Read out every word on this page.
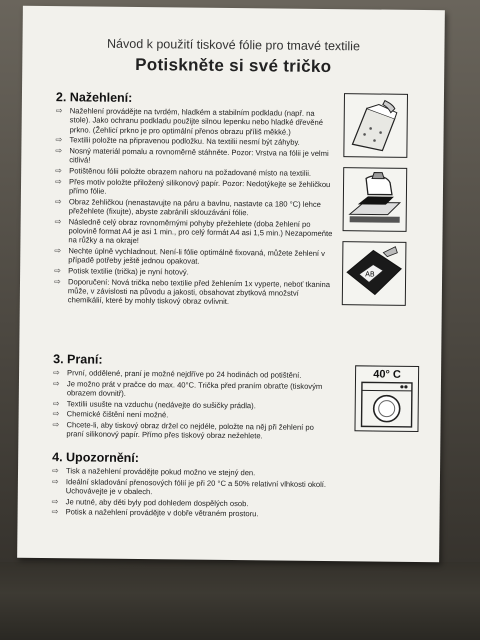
Návod k použití tiskové fólie pro tmavé textilie
Potiskněte si své tričko
2. Nažehlení:
⇨ Nažehlení provádějte na tvrdém, hladkém a stabilním podkladu (např. na stole). Jako ochranu podkladu použijte silnou lepenku nebo hladké dřevěné prkno. (Žehlicí prkno je pro optimální přenos obrazu příliš měkké.)
⇨ Textilii položte na připravenou podložku. Na textilii nesmí být záhyby.
⇨ Nosný materiál pomalu a rovnoměrně stáhněte. Pozor: Vrstva na fólii je velmi citlivá!
⇨ Potištěnou fólii položte obrazem nahoru na požadované místo na textilii.
⇨ Přes motiv položte přiložený silikonový papír. Pozor: Nedotýkejte se žehličkou přímo fólie.
⇨ Obraz žehličkou (nenastavujte na páru a bavlnu, nastavte ca 180 °C) lehce přežehlete (fixujte), abyste zabránili sklouzávání fólie.
⇨ Následně celý obraz rovnoměrnými pohyby přežehlete (doba žehlení po polovině format A4 je asi 1 min., pro celý formát A4 asi 1,5 min.) Nezapomeňte na růžky a na okraje!
⇨ Nechte úplně vychladnout. Není-li fólie optimálně fixovaná, můžete žehlení v případě potřeby ještě jednou opakovat.
⇨ Potisk textilie (trička) je nyní hotový.
⇨ Doporučení: Nová trička nebo textilie před žehlením 1x vyperte, neboť tkanina může, v závislosti na původu a jakosti, obsahovat zbytková množství chemikálií, které by mohly tiskový obraz ovlivnit.
3. Praní:
⇨ První, oddělené, praní je možné nejdříve po 24 hodinách od potištění.
⇨ Je možno prát v pračce do max. 40°C. Trička před praním obraťte (tiskovým obrazem dovnitř).
⇨ Textilii usušte na vzduchu (nedávejte do sušičky prádla).
⇨ Chemické čištění není možné.
⇨ Chcete-li, aby tiskový obraz držel co nejdéle, položte na něj při žehlení po praní silikonový papír. Přímo přes tiskový obraz nežehlete.
4. Upozornění:
⇨ Tisk a nažehlení provádějte pokud možno ve stejný den.
⇨ Ideální skladování přenosových fólií je při 20 °C a 50% relativní vlhkosti okolí. Uchovávejte je v obalech.
⇨ Je nutné, aby děti byly pod dohledem dospělých osob.
⇨ Potisk a nažehlení provádějte v dobře větraném prostoru.
AB
40° C
